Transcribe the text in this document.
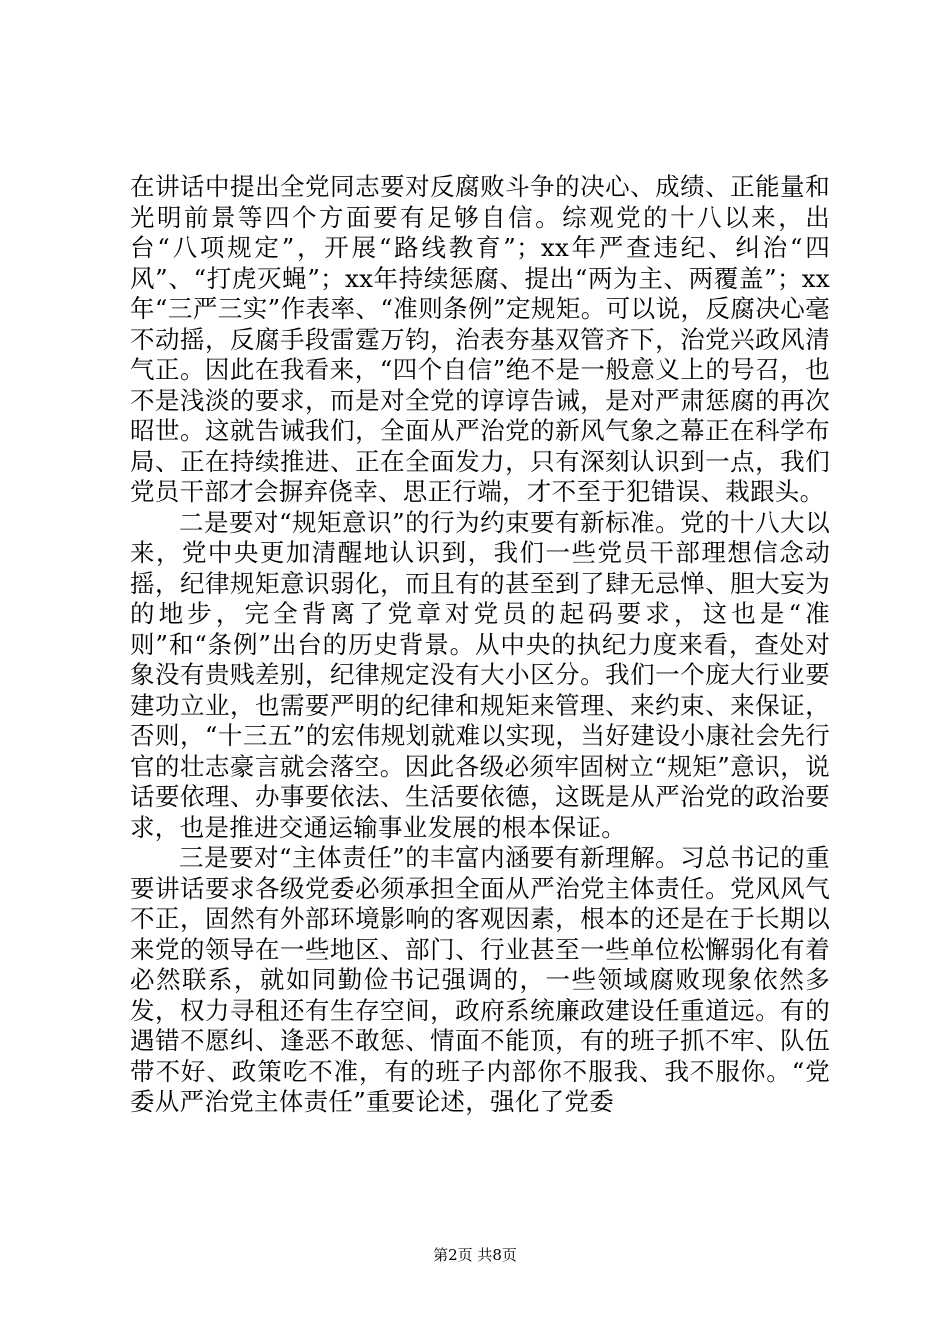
在讲话中提出全党同志要对反腐败斗争的决心、成绩、正能量和光明前景等四个方面要有足够自信。综观党的十八以来，出台“八项规定”，开展“路线教育”；xx年严查违纪、纠治“四风”、“打虎灭蝇”；xx年持续惩腐、提出“两为主、两覆盖”；xx年“三严三实”作表率、“准则条例”定规矩。可以说，反腐决心毫不动摇，反腐手段雷霆万钧，治表夯基双管齐下，治党兴政风清气正。因此在我看来，“四个自信”绝不是一般意义上的号召，也不是浅淡的要求，而是对全党的谆谆告诫，是对严肃惩腐的再次昭世。这就告诫我们，全面从严治党的新风气象之幕正在科学布局、正在持续推进、正在全面发力，只有深刻认识到一点，我们党员干部才会摒弃侥幸、思正行端，才不至于犯错误、栽跟头。

二是要对“规矩意识”的行为约束要有新标准。党的十八大以来，党中央更加清醒地认识到，我们一些党员干部理想信念动摇，纪律规矩意识弱化，而且有的甚至到了肆无忌惮、胆大妄为的地步，完全背离了党章对党员的起码要求，这也是“准则”和“条例”出台的历史背景。从中央的执纪力度来看，查处对象没有贵贱差别，纪律规定没有大小区分。我们一个庞大行业要建功立业，也需要严明的纪律和规矩来管理、来约束、来保证，否则，“十三五”的宏伟规划就难以实现，当好建设小康社会先行官的壮志豪言就会落空。因此各级必须牢固树立“规矩”意识，说话要依理、办事要依法、生活要依德，这既是从严治党的政治要求，也是推进交通运输事业发展的根本保证。

三是要对“主体责任”的丰富内涵要有新理解。习总书记的重要讲话要求各级党委必须承担全面从严治党主体责任。党风风气不正，固然有外部环境影响的客观因素，根本的还是在于长期以来党的领导在一些地区、部门、行业甚至一些单位松懈弱化有着必然联系，就如同勤俭书记强调的，一些领域腐败现象依然多发，权力寻租还有生存空间，政府系统廉政建设任重道远。有的遇错不愿纠、逢恶不敢惩、情面不能顶，有的班子抓不牢、队伍带不好、政策吃不准，有的班子内部你不服我、我不服你。“党委从严治党主体责任”重要论述，强化了党委

第2页 共8页
